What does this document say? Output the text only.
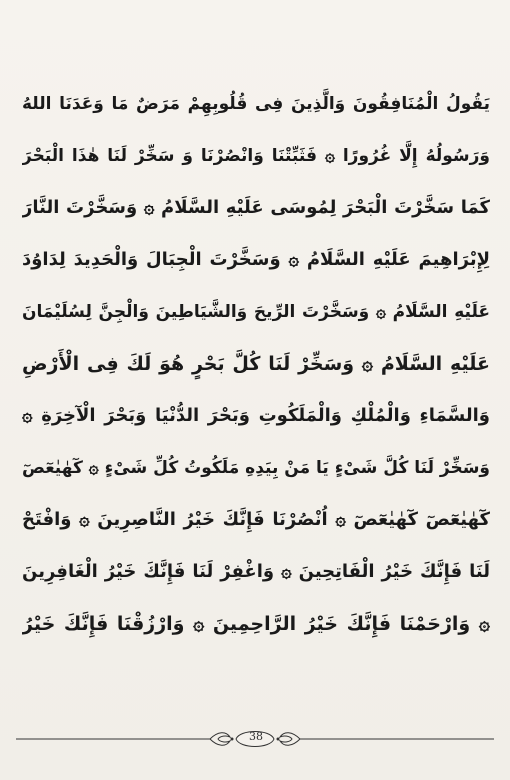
يَقُولُ الْمُنَافِقُونَ وَالَّذِينَ فِى قُلُوبِهِمْ مَرَضٌ مَا وَعَدَنَا اللهُ
وَرَسُولُهُ إِلَّا غُرُورًا ۞ فَثَبِّتْنَا وَانْصُرْنَا وَ سَخِّرْ لَنَا هٰذَا الْبَحْرَ
كَمَا سَخَّرْتَ الْبَحْرَ لِمُوسَى عَلَيْهِ السَّلَامُ ۞ وَسَخَّرْتَ النَّارَ
لِإِبْرَاهِيمَ عَلَيْهِ السَّلَامُ ۞ وَسَخَّرْتَ الْجِبَالَ وَالْحَدِيدَ لِدَاوُدَ
عَلَيْهِ السَّلَامُ ۞ وَسَخَّرْتَ الرِّيحَ وَالشَّيَاطِينَ وَالْجِنَّ لِسُلَيْمَانَ
عَلَيْهِ السَّلَامُ ۞ وَسَخِّرْ لَنَا كُلَّ بَحْرٍ هُوَ لَكَ فِى الْأَرْضِ
وَالسَّمَاءِ وَالْمُلْكِ وَالْمَلَكُوتِ وَبَحْرَ الدُّنْيَا وَبَحْرَ الْآخِرَةِ ۞
وَسَخِّرْ لَنَا كُلَّ شَىْءٍ يَا مَنْ بِيَدِهِ مَلَكُوتُ كُلِّ شَىْءٍ ۞ كٓهٰيٰعٓصٓ
كٓهٰيٰعٓصٓ كٓهٰيٰعٓصٓ ۞ اُنْصُرْنَا فَإِنَّكَ خَيْرُ النَّاصِرِينَ ۞ وَافْتَحْ
لَنَا فَإِنَّكَ خَيْرُ الْفَاتِحِينَ ۞ وَاغْفِرْ لَنَا فَإِنَّكَ خَيْرُ الْغَافِرِينَ
۞ وَارْحَمْنَا فَإِنَّكَ خَيْرُ الرَّاحِمِينَ ۞ وَارْزُقْنَا فَإِنَّكَ خَيْرُ
38
